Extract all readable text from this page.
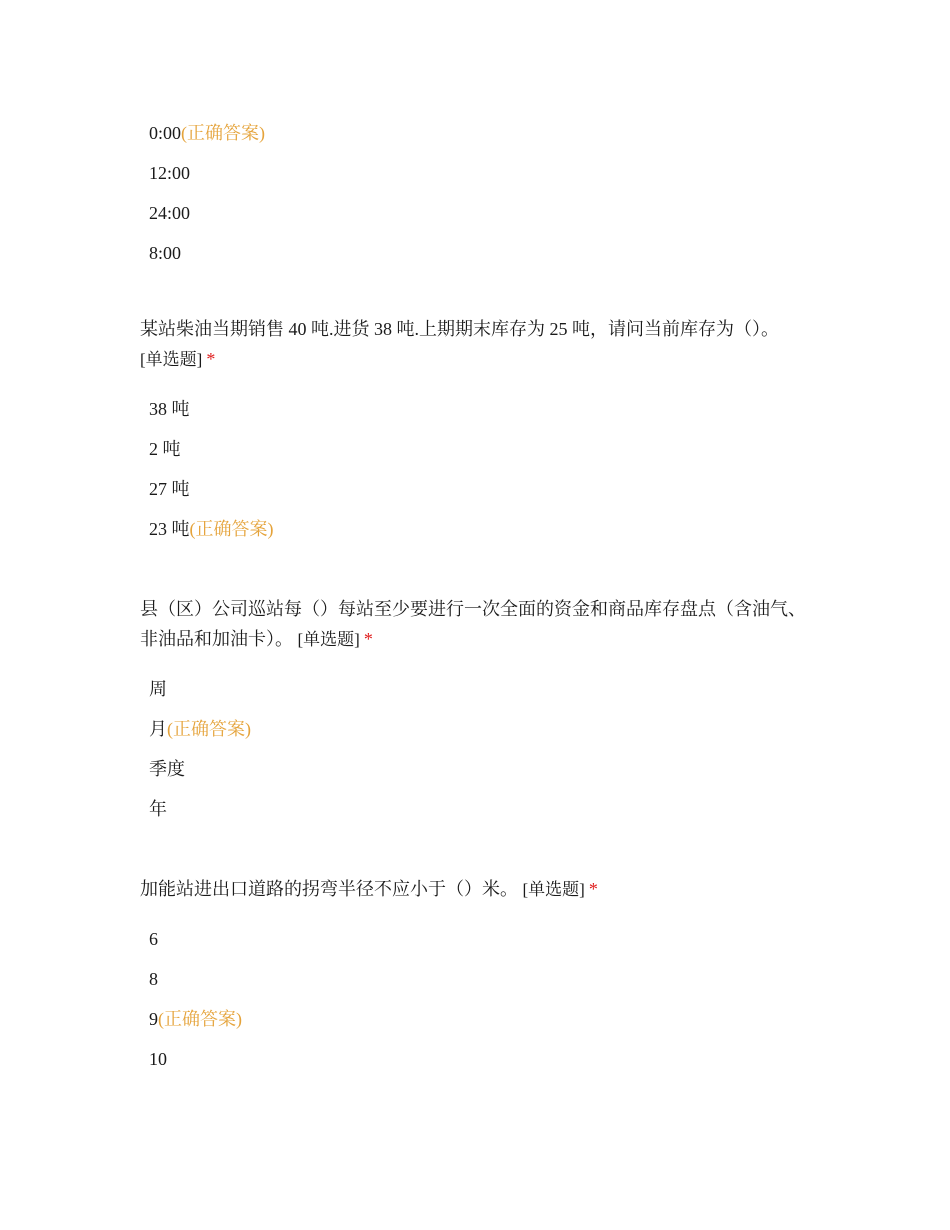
0:00(正确答案)
12:00
24:00
8:00

某站柴油当期销售 40 吨.进货 38 吨.上期期末库存为 25 吨，请问当前库存为（）。
[单选题] *

38 吨
2 吨
27 吨
23 吨(正确答案)

县（区）公司巡站每（）每站至少要进行一次全面的资金和商品库存盘点（含油气、非油品和加油卡）。 [单选题] *

周
月(正确答案)
季度
年

加能站进出口道路的拐弯半径不应小于（）米。 [单选题] *

6
8
9(正确答案)
10
